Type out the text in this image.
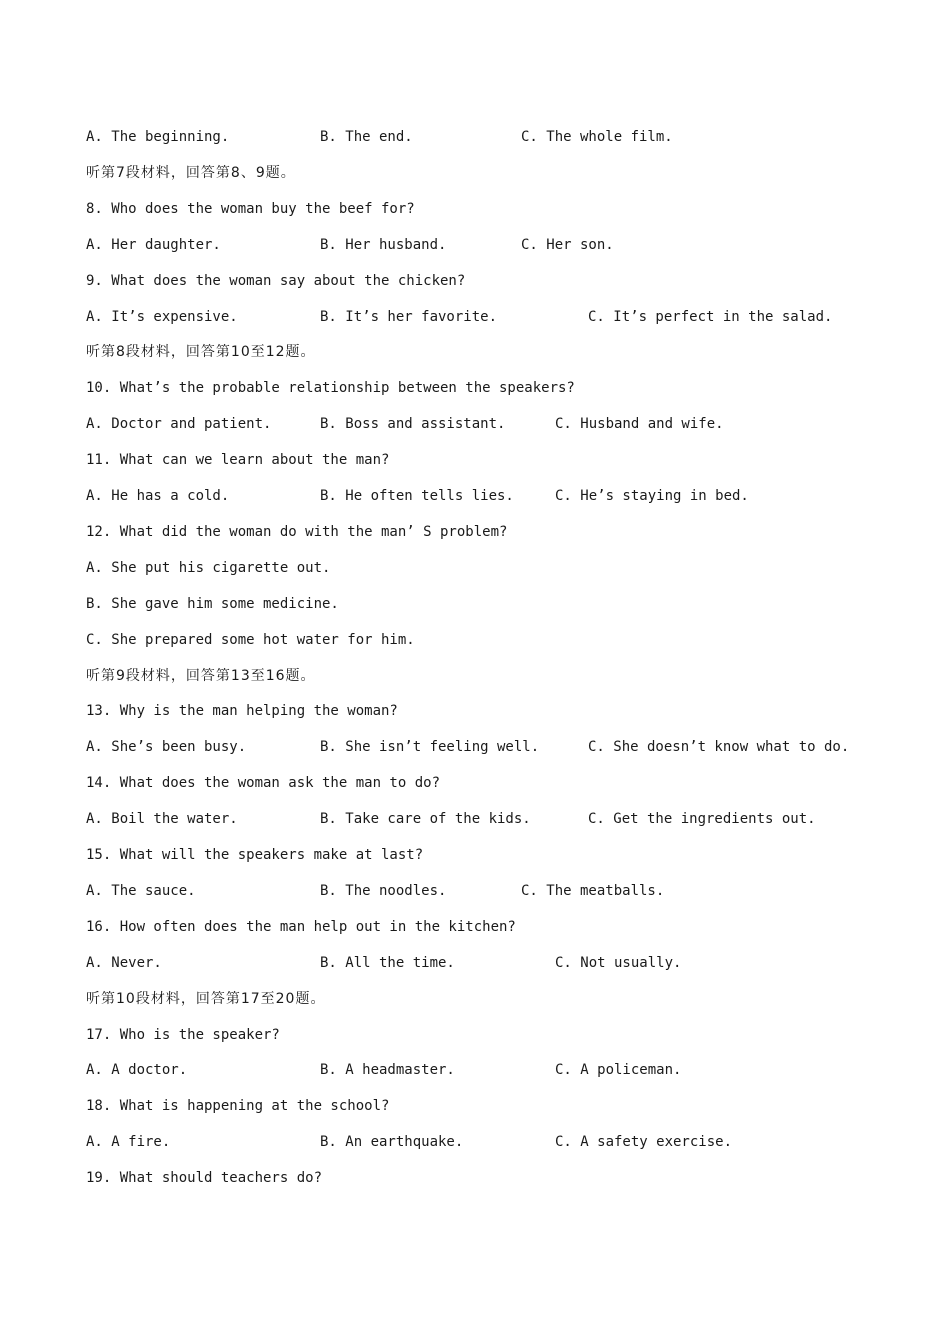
A. The beginning.	B. The end.	C. The whole film.
听第7段材料，回答第8、9题。
8. Who does the woman buy the beef for?
A. Her daughter.	B. Her husband.	C. Her son.
9. What does the woman say about the chicken?
A. It’s expensive.	B. It’s her favorite.	C. It’s perfect in the salad.
听第8段材料，回答第10至12题。
10. What’s the probable relationship between the speakers?
A. Doctor and patient.	B. Boss and assistant.	C. Husband and wife.
11. What can we learn about the man?
A. He has a cold.	B. He often tells lies.	C. He’s staying in bed.
12. What did the woman do with the man’ S problem?
A. She put his cigarette out.
B. She gave him some medicine.
C. She prepared some hot water for him.
听第9段材料，回答第13至16题。
13. Why is the man helping the woman?
A. She’s been busy.	B. She isn’t feeling well.	C. She doesn’t know what to do.
14. What does the woman ask the man to do?
A. Boil the water.	B. Take care of the kids.	C. Get the ingredients out.
15. What will the speakers make at last?
A. The sauce.	B. The noodles.	C. The meatballs.
16. How often does the man help out in the kitchen?
A. Never.	B. All the time.	C. Not usually.
听第10段材料，回答第17至20题。
17. Who is the speaker?
A. A doctor.	B. A headmaster.	C. A policeman.
18. What is happening at the school?
A. A fire.	B. An earthquake.	C. A safety exercise.
19. What should teachers do?
